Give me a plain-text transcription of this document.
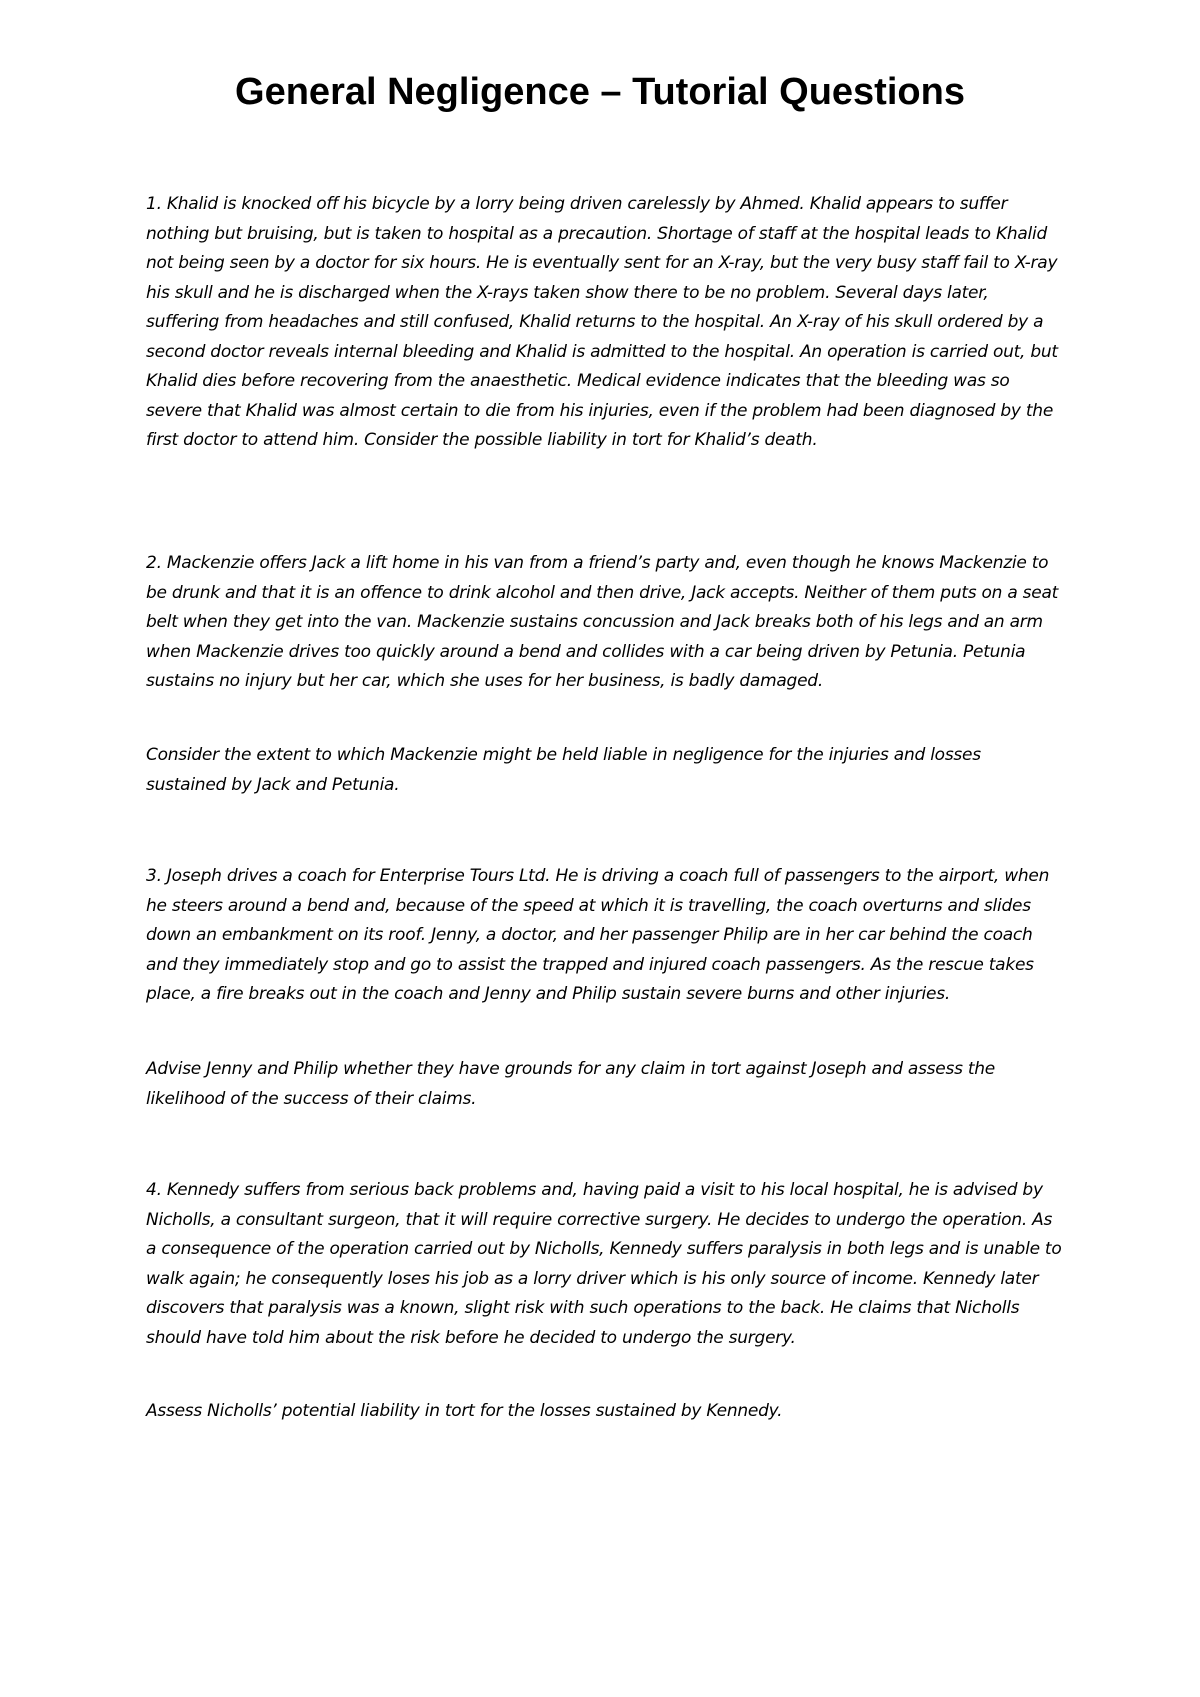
General Negligence – Tutorial Questions

1. Khalid is knocked off his bicycle by a lorry being driven carelessly by Ahmed. Khalid appears to suffer nothing but bruising, but is taken to hospital as a precaution. Shortage of staff at the hospital leads to Khalid not being seen by a doctor for six hours. He is eventually sent for an X-ray, but the very busy staff fail to X-ray his skull and he is discharged when the X-rays taken show there to be no problem. Several days later, suffering from headaches and still confused, Khalid returns to the hospital. An X-ray of his skull ordered by a second doctor reveals internal bleeding and Khalid is admitted to the hospital. An operation is carried out, but Khalid dies before recovering from the anaesthetic. Medical evidence indicates that the bleeding was so severe that Khalid was almost certain to die from his injuries, even if the problem had been diagnosed by the first doctor to attend him. Consider the possible liability in tort for Khalid’s death.

2. Mackenzie offers Jack a lift home in his van from a friend’s party and, even though he knows Mackenzie to be drunk and that it is an offence to drink alcohol and then drive, Jack accepts. Neither of them puts on a seat belt when they get into the van. Mackenzie sustains concussion and Jack breaks both of his legs and an arm when Mackenzie drives too quickly around a bend and collides with a car being driven by Petunia. Petunia sustains no injury but her car, which she uses for her business, is badly damaged.

Consider the extent to which Mackenzie might be held liable in negligence for the injuries and losses sustained by Jack and Petunia.

3. Joseph drives a coach for Enterprise Tours Ltd. He is driving a coach full of passengers to the airport, when he steers around a bend and, because of the speed at which it is travelling, the coach overturns and slides down an embankment on its roof. Jenny, a doctor, and her passenger Philip are in her car behind the coach and they immediately stop and go to assist the trapped and injured coach passengers. As the rescue takes place, a fire breaks out in the coach and Jenny and Philip sustain severe burns and other injuries.

Advise Jenny and Philip whether they have grounds for any claim in tort against Joseph and assess the likelihood of the success of their claims.

4. Kennedy suffers from serious back problems and, having paid a visit to his local hospital, he is advised by Nicholls, a consultant surgeon, that it will require corrective surgery. He decides to undergo the operation. As a consequence of the operation carried out by Nicholls, Kennedy suffers paralysis in both legs and is unable to walk again; he consequently loses his job as a lorry driver which is his only source of income. Kennedy later discovers that paralysis was a known, slight risk with such operations to the back. He claims that Nicholls should have told him about the risk before he decided to undergo the surgery.

Assess Nicholls’ potential liability in tort for the losses sustained by Kennedy.
